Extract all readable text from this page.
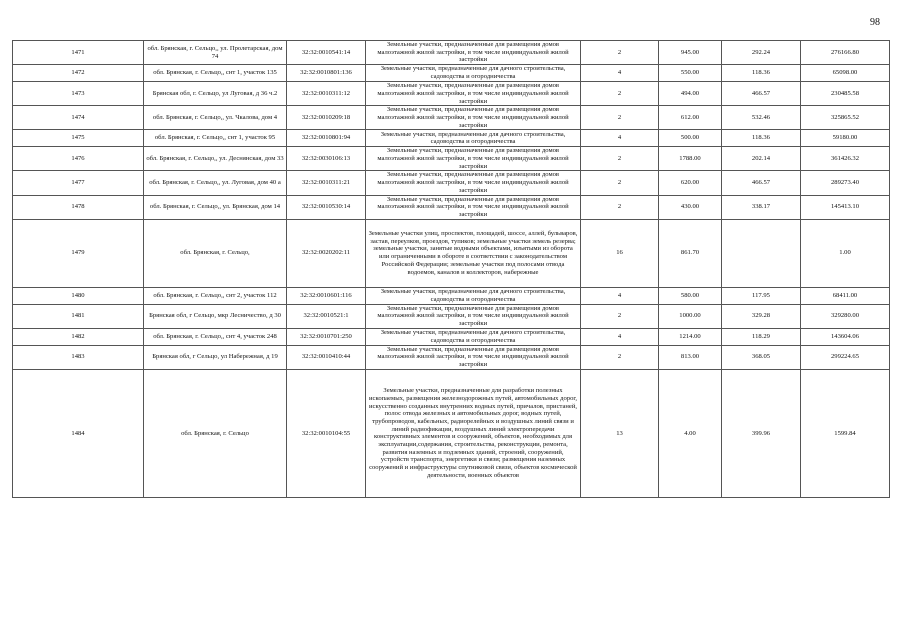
98
1471	обл. Брянская, г. Сельцо,, ул. Пролетарская, дом 74	32:32:0010541:14	Земельные участки, предназначенные для размещения домов малоэтажной жилой застройки, в том числе индивидуальной жилой застройки	2	945.00	292.24	276166.80
1472	обл. Брянская, г. Сельцо,, снт 1, участок 135	32:32:0010801:136	Земельные участки, предназначенные для дачного строительства, садоводства и огородничества	4	550.00	118.36	65098.00
1473	Брянская обл, г. Сельцо, ул Луговая, д 36 ч.2	32:32:0010311:12	Земельные участки, предназначенные для размещения домов малоэтажной жилой застройки, в том числе индивидуальной жилой застройки	2	494.00	466.57	230485.58
1474	обл. Брянская, г. Сельцо,, ул. Чкалова, дом 4	32:32:0010209:18	Земельные участки, предназначенные для размещения домов малоэтажной жилой застройки, в том числе индивидуальной жилой застройки	2	612.00	532.46	325865.52
1475	обл. Брянская, г. Сельцо,, снт 1, участок 95	32:32:0010801:94	Земельные участки, предназначенные для дачного строительства, садоводства и огородничества	4	500.00	118.36	59180.00
1476	обл. Брянская, г. Сельцо,, ул. Деснянская, дом 33	32:32:0030106:13	Земельные участки, предназначенные для размещения домов малоэтажной жилой застройки, в том числе индивидуальной жилой застройки	2	1788.00	202.14	361426.32
1477	обл. Брянская, г. Сельцо,, ул. Луговая, дом 40 а	32:32:0010311:21	Земельные участки, предназначенные для размещения домов малоэтажной жилой застройки, в том числе индивидуальной жилой застройки	2	620.00	466.57	289273.40
1478	обл. Брянская, г. Сельцо,, ул. Брянская, дом 14	32:32:0010530:14	Земельные участки, предназначенные для размещения домов малоэтажной жилой застройки, в том числе индивидуальной жилой застройки	2	430.00	338.17	145413.10
1479	обл. Брянская, г. Сельцо,	32:32:0020202:11	Земельные участки улиц, проспектов, площадей, шоссе, аллей, бульваров, застав, переулков, проездов, тупиков; земельные участки земель резерва; земельные участки, занятые водными объектами, изъятыми из оборота или ограниченными в обороте в соответствии с законодательством Российской Федерации; земельные участки под полосами отвода водоемов, каналов и коллекторов, набережные	16	861.70		1.00
1480	обл. Брянская, г. Сельцо,, снт 2, участок 112	32:32:0010601:116	Земельные участки, предназначенные для дачного строительства, садоводства и огородничества	4	580.00	117.95	68411.00
1481	Брянская обл, г Сельцо, мкр Лесничество, д 30	32:32:0010521:1	Земельные участки, предназначенные для размещения домов малоэтажной жилой застройки, в том числе индивидуальной жилой застройки	2	1000.00	329.28	329280.00
1482	обл. Брянская, г. Сельцо,, снт 4, участок 248	32:32:0010701:250	Земельные участки, предназначенные для дачного строительства, садоводства и огородничества	4	1214.00	118.29	143604.06
1483	Брянская обл, г Сельцо, ул Набережная, д 19	32:32:0010410:44	Земельные участки, предназначенные для размещения домов малоэтажной жилой застройки, в том числе индивидуальной жилой застройки	2	813.00	368.05	299224.65
1484	обл. Брянская, г. Сельцо	32:32:0010104:55	Земельные участки, предназначенные для разработки полезных ископаемых, размещения железнодорожных путей, автомобильных дорог, искусственно созданных внутренних водных путей, причалов, пристаней, полос отвода железных и автомобильных дорог, водных путей, трубопроводов, кабельных, радиорелейных и воздушных линий связи и линий радиофикации, воздушных линий электропередачи конструктивных элементов и сооружений, объектов, необходимых для эксплуатации,содержания, строительства, реконструкции, ремонта, развития наземных и подземных зданий, строений, сооружений, устройств транспорта, энергетики и связи; размещения наземных сооружений и инфраструктуры спутниковой связи, объектов космической деятельности, военных объектов	13	4.00	399.96	1599.84
